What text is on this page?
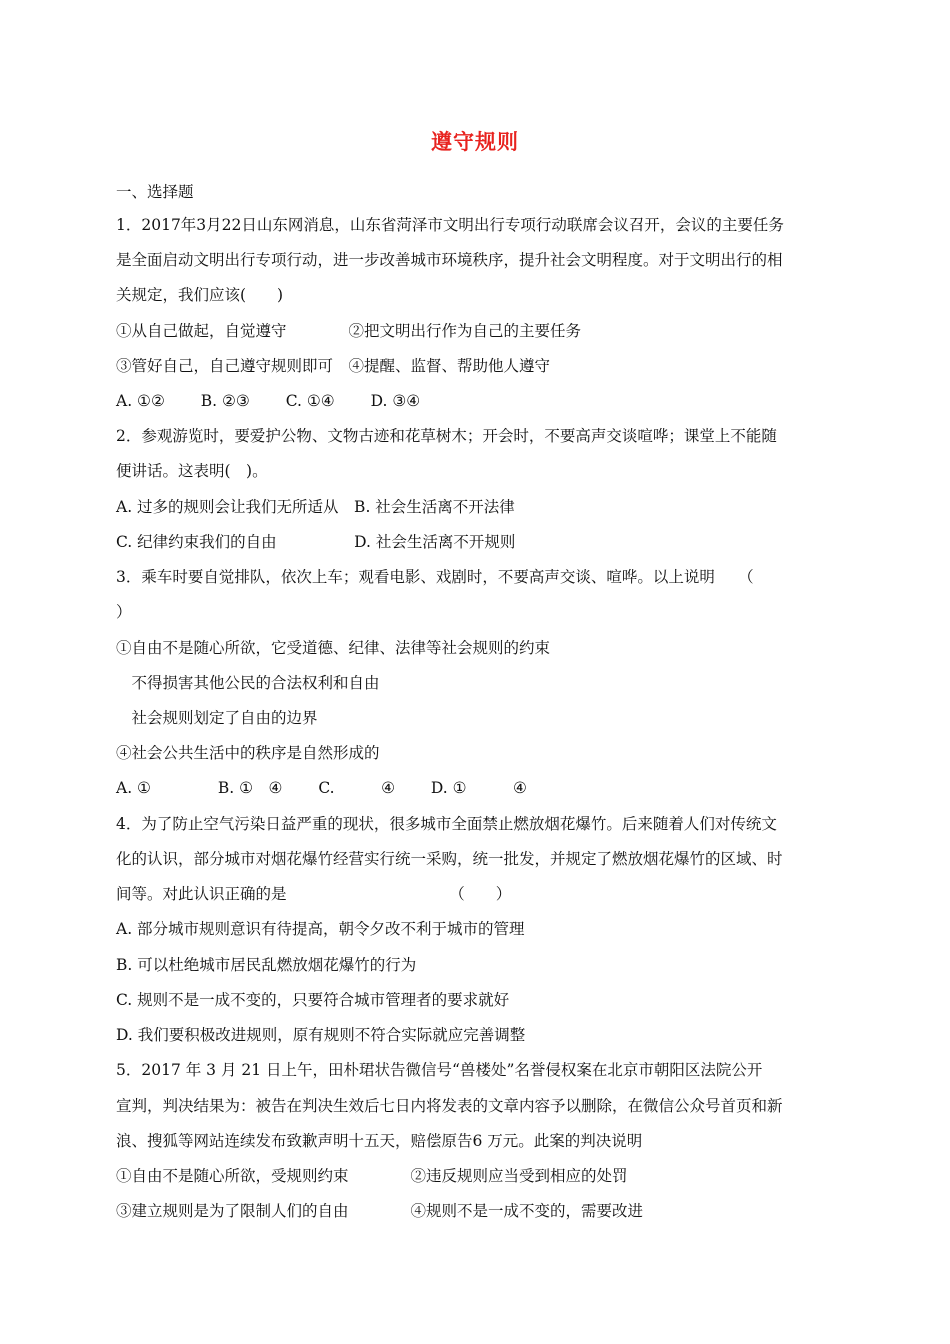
遵守规则
一、选择题
1．2017年3月22日山东网消息，山东省菏泽市文明出行专项行动联席会议召开，会议的主要任务
是全面启动文明出行专项行动，进一步改善城市环境秩序，提升社会文明程度。对于文明出行的相
关规定，我们应该(　　)
①从自己做起，自觉遵守　　　　②把文明出行作为自己的主要任务
③管好自己，自己遵守规则即可　④提醒、监督、帮助他人遵守
A. ①②　　 B. ②③　　 C. ①④　　 D. ③④
2．参观游览时，要爱护公物、文物古迹和花草树木；开会时，不要高声交谈喧哗；课堂上不能随
便讲话。这表明(　)。
A. 过多的规则会让我们无所适从　B. 社会生活离不开法律
C. 纪律约束我们的自由　　　　　D. 社会生活离不开规则
3．乘车时要自觉排队，依次上车；观看电影、戏剧时，不要高声交谈、喧哗。以上说明　　（
）
①自由不是随心所欲，它受道德、纪律、法律等社会规则的约束
　不得损害其他公民的合法权利和自由
　社会规则划定了自由的边界
④社会公共生活中的秩序是自然形成的
A. ①　　　　 B. ①　④　　 C.　　　④　　 D. ①　　　④
4．为了防止空气污染日益严重的现状，很多城市全面禁止燃放烟花爆竹。后来随着人们对传统文
化的认识，部分城市对烟花爆竹经营实行统一采购，统一批发，并规定了燃放烟花爆竹的区域、时
间等。对此认识正确的是　　　　　　　　　　　（　　）
A. 部分城市规则意识有待提高，朝令夕改不利于城市的管理
B. 可以杜绝城市居民乱燃放烟花爆竹的行为
C. 规则不是一成不变的，只要符合城市管理者的要求就好
D. 我们要积极改进规则，原有规则不符合实际就应完善调整
5．2017 年 3 月 21 日上午，田朴珺状告微信号“兽楼处”名誉侵权案在北京市朝阳区法院公开
宣判，判决结果为：被告在判决生效后七日内将发表的文章内容予以删除，在微信公众号首页和新
浪、搜狐等网站连续发布致歉声明十五天，赔偿原告6 万元。此案的判决说明
①自由不是随心所欲，受规则约束　　　　②违反规则应当受到相应的处罚
③建立规则是为了限制人们的自由　　　　④规则不是一成不变的，需要改进
